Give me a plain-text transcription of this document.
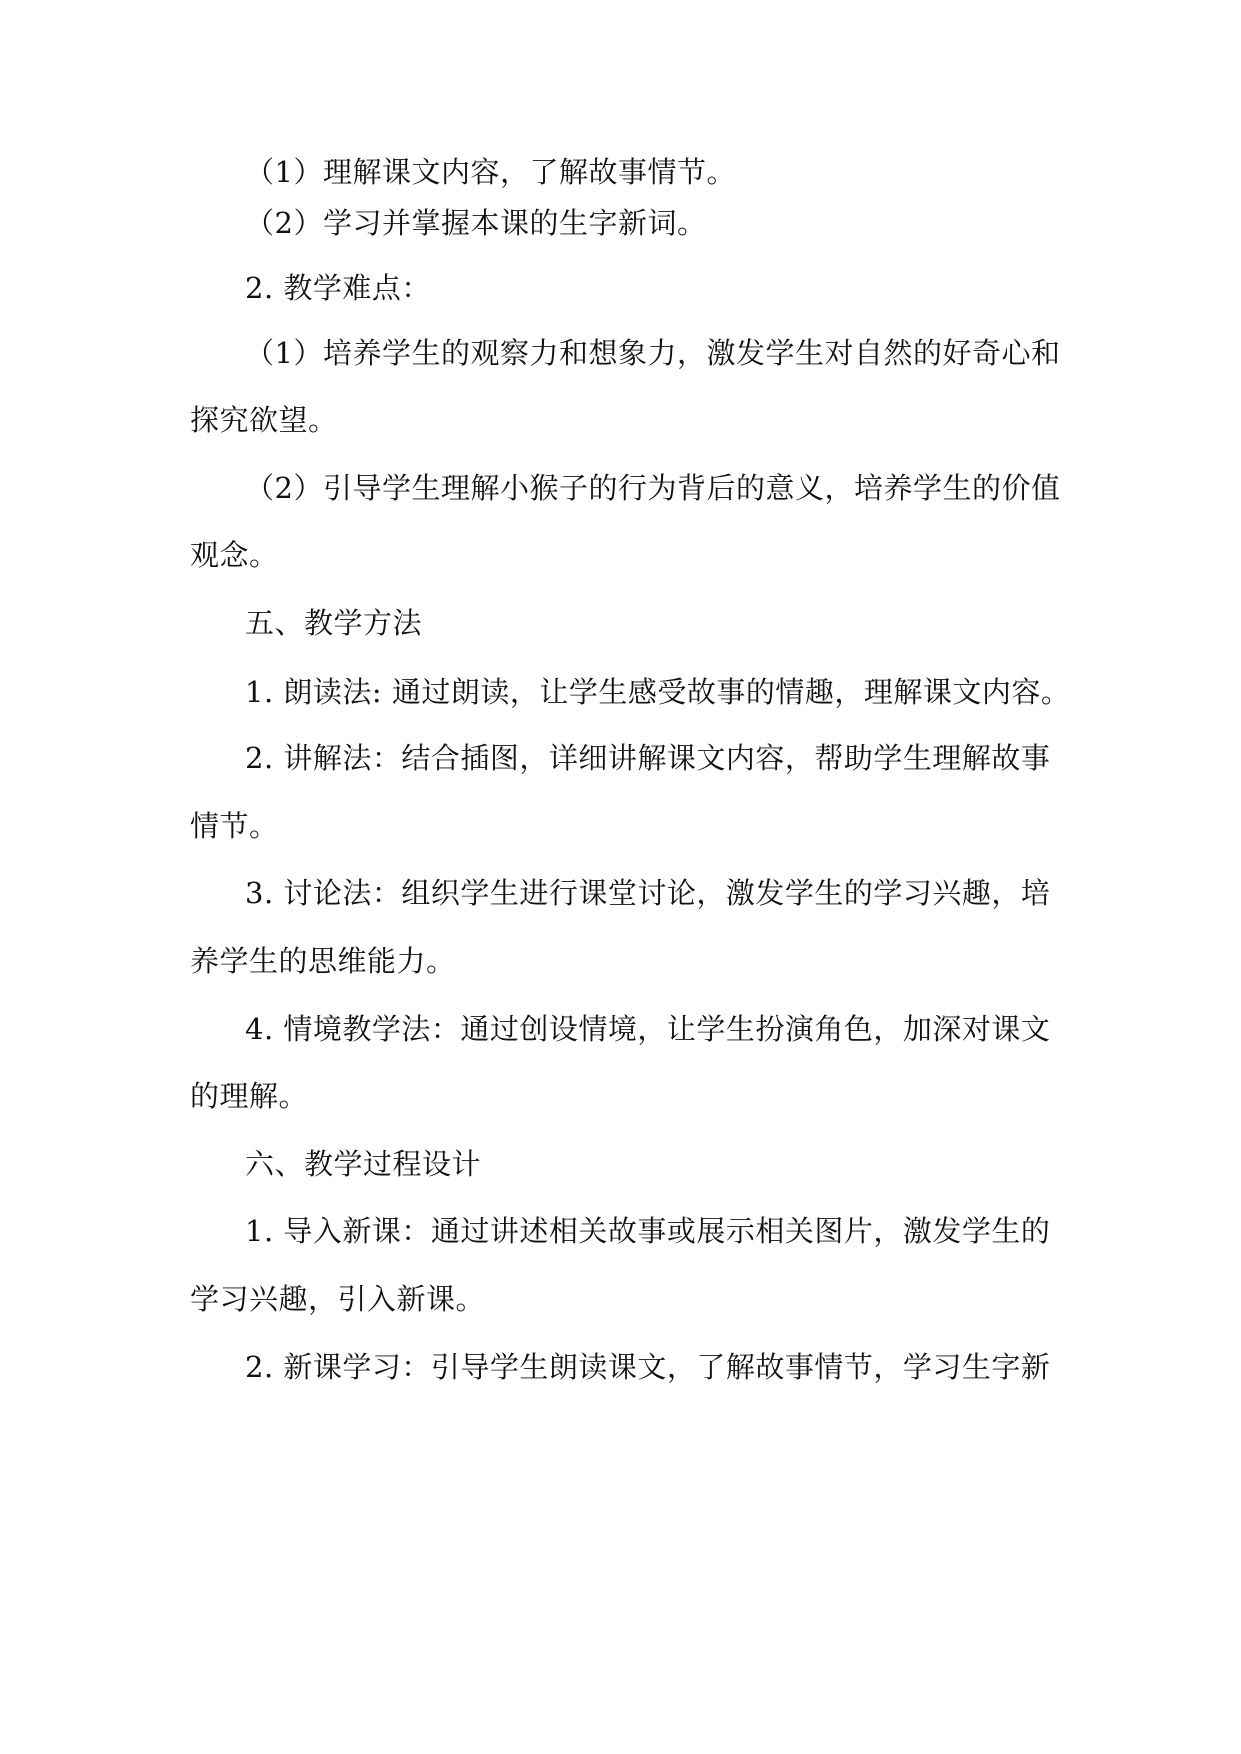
（1）理解课文内容，了解故事情节。

（2）学习并掌握本课的生字新词。

2. 教学难点：

（1）培养学生的观察力和想象力，激发学生对自然的好奇心和

探究欲望。

（2）引导学生理解小猴子的行为背后的意义，培养学生的价值

观念。

五、教学方法

1. 朗读法: 通过朗读，让学生感受故事的情趣，理解课文内容。

2. 讲解法：结合插图，详细讲解课文内容，帮助学生理解故事

情节。

3. 讨论法：组织学生进行课堂讨论，激发学生的学习兴趣，培

养学生的思维能力。

4. 情境教学法：通过创设情境，让学生扮演角色，加深对课文

的理解。

六、教学过程设计

1. 导入新课：通过讲述相关故事或展示相关图片，激发学生的

学习兴趣，引入新课。

2. 新课学习：引导学生朗读课文，了解故事情节，学习生字新
